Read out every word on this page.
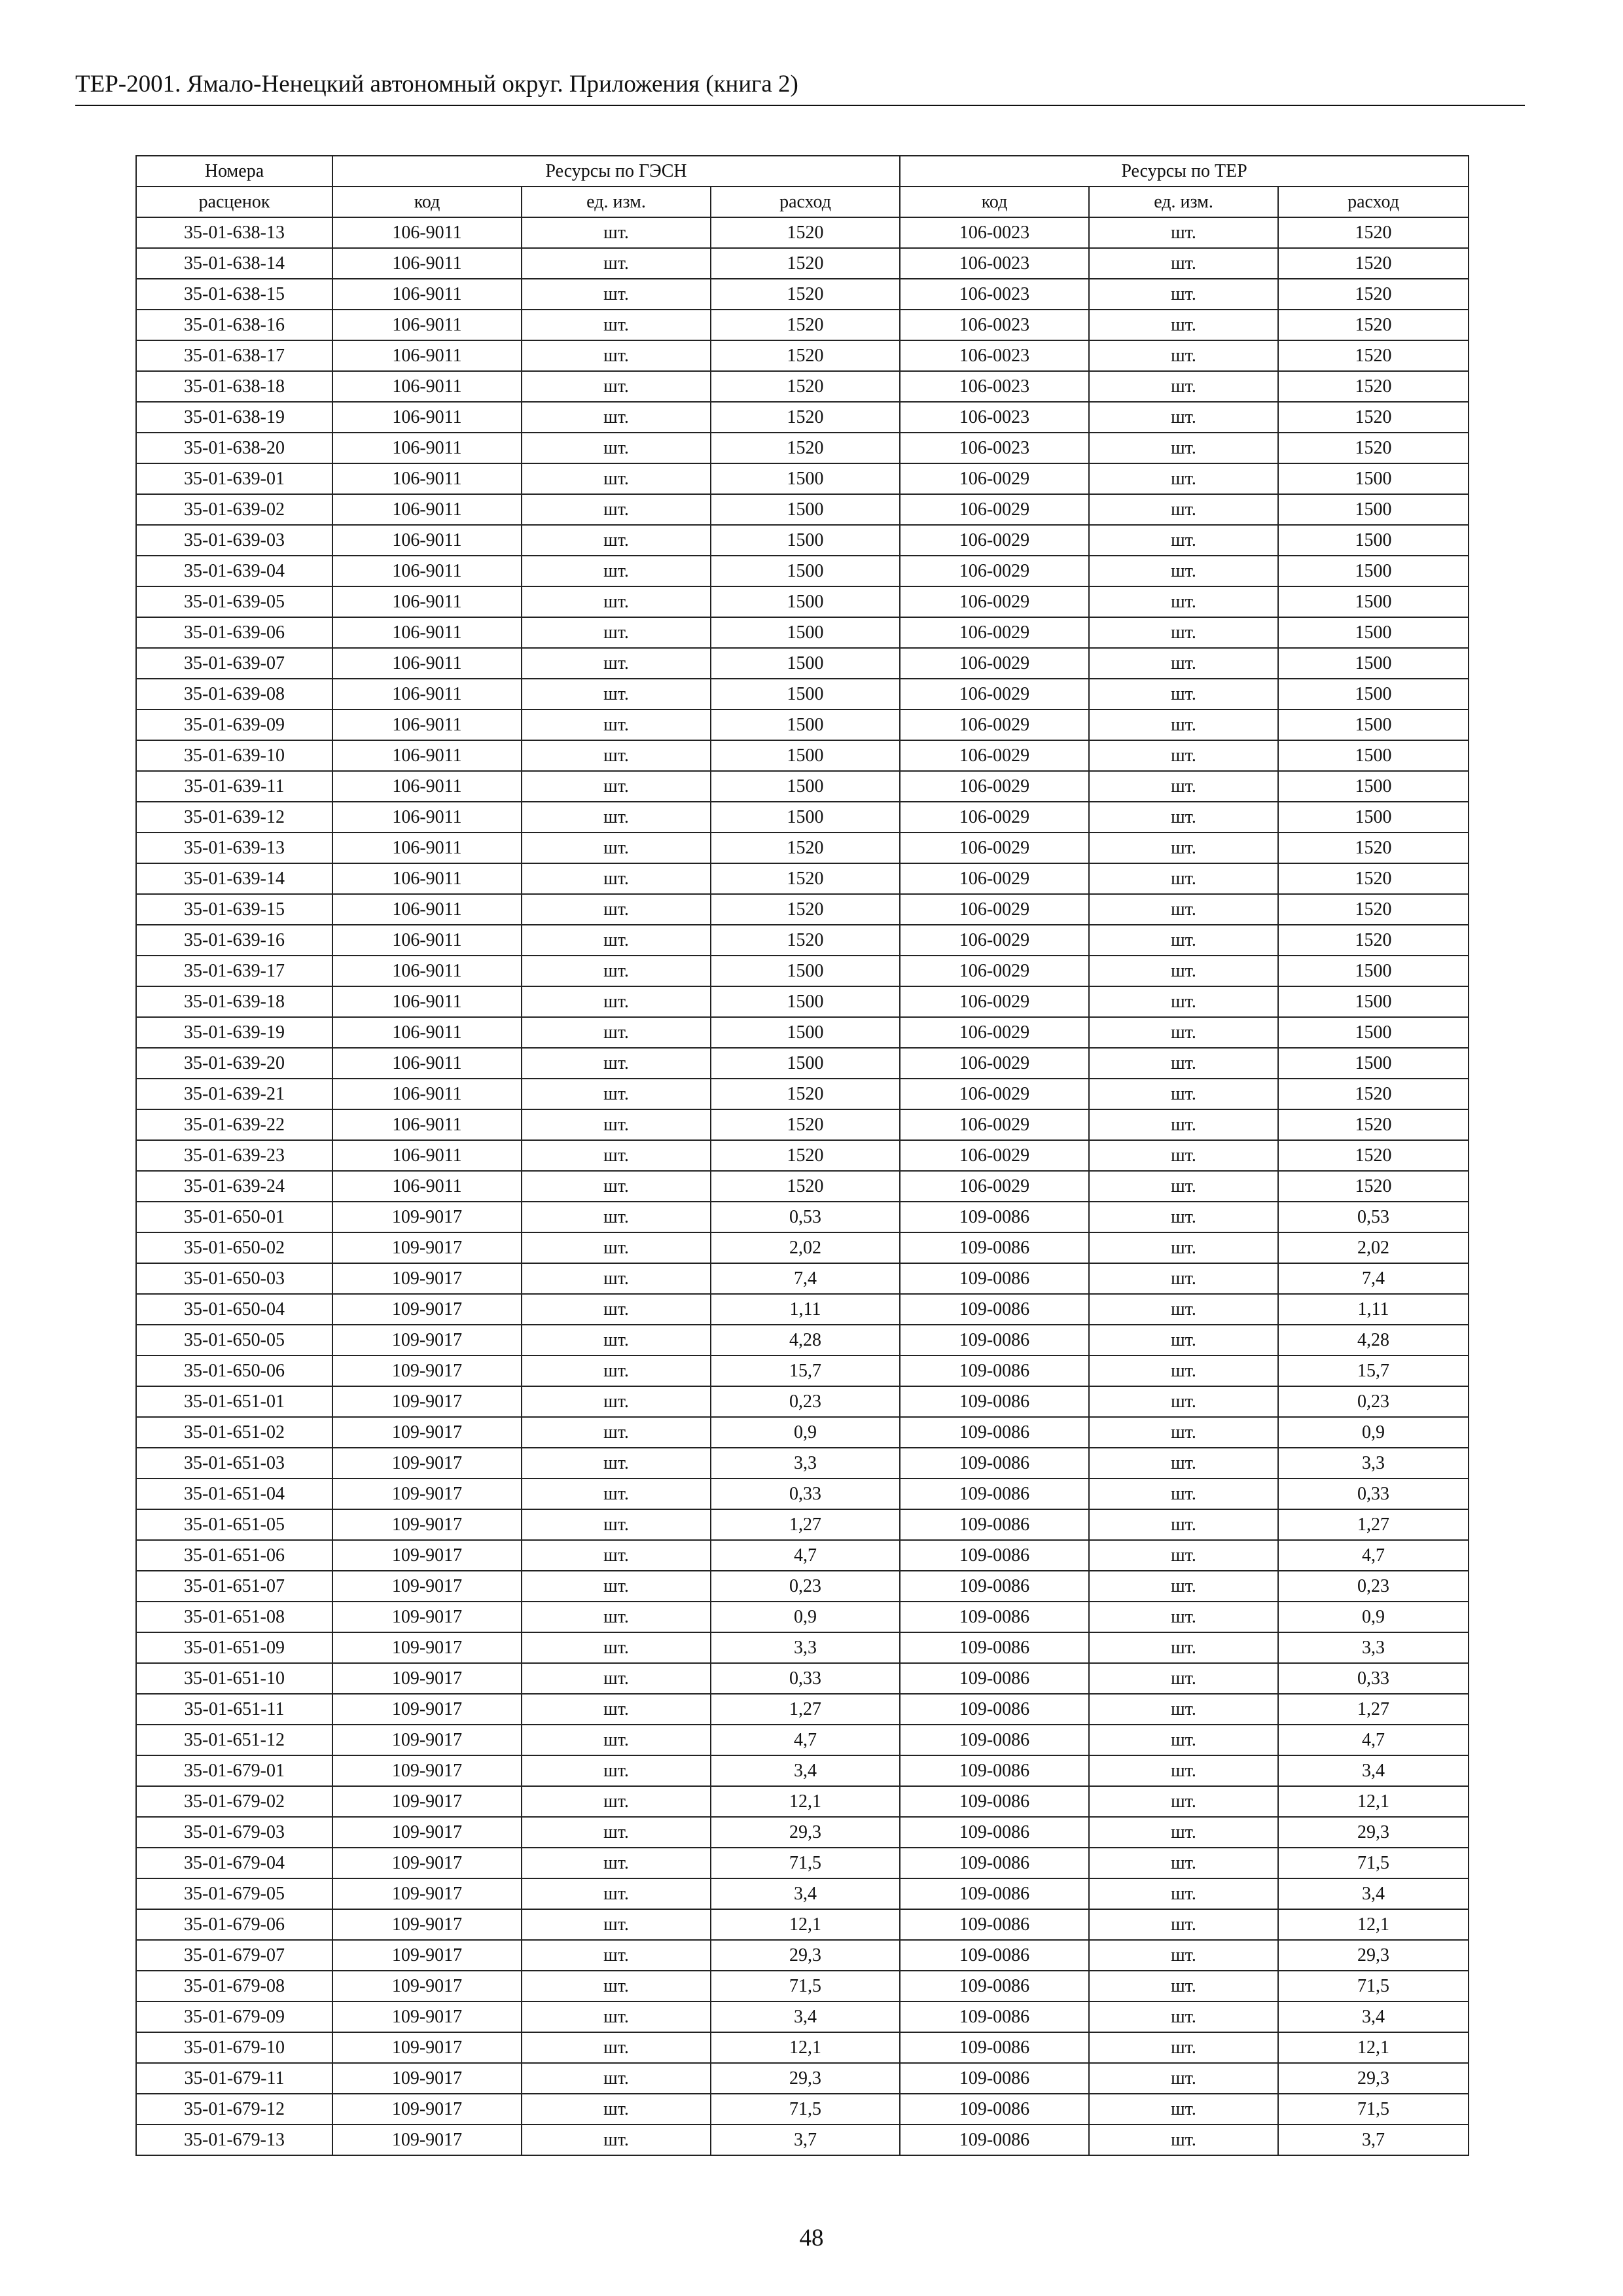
ТЕР-2001. Ямало-Ненецкий автономный округ. Приложения (книга 2)
Номера	Ресурсы по ГЭСН			Ресурсы по ТЕР		
расценок	код	ед. изм.	расход	код	ед. изм.	расход
35-01-638-13	106-9011	шт.	1520	106-0023	шт.	1520
35-01-638-14	106-9011	шт.	1520	106-0023	шт.	1520
35-01-638-15	106-9011	шт.	1520	106-0023	шт.	1520
35-01-638-16	106-9011	шт.	1520	106-0023	шт.	1520
35-01-638-17	106-9011	шт.	1520	106-0023	шт.	1520
35-01-638-18	106-9011	шт.	1520	106-0023	шт.	1520
35-01-638-19	106-9011	шт.	1520	106-0023	шт.	1520
35-01-638-20	106-9011	шт.	1520	106-0023	шт.	1520
35-01-639-01	106-9011	шт.	1500	106-0029	шт.	1500
35-01-639-02	106-9011	шт.	1500	106-0029	шт.	1500
35-01-639-03	106-9011	шт.	1500	106-0029	шт.	1500
35-01-639-04	106-9011	шт.	1500	106-0029	шт.	1500
35-01-639-05	106-9011	шт.	1500	106-0029	шт.	1500
35-01-639-06	106-9011	шт.	1500	106-0029	шт.	1500
35-01-639-07	106-9011	шт.	1500	106-0029	шт.	1500
35-01-639-08	106-9011	шт.	1500	106-0029	шт.	1500
35-01-639-09	106-9011	шт.	1500	106-0029	шт.	1500
35-01-639-10	106-9011	шт.	1500	106-0029	шт.	1500
35-01-639-11	106-9011	шт.	1500	106-0029	шт.	1500
35-01-639-12	106-9011	шт.	1500	106-0029	шт.	1500
35-01-639-13	106-9011	шт.	1520	106-0029	шт.	1520
35-01-639-14	106-9011	шт.	1520	106-0029	шт.	1520
35-01-639-15	106-9011	шт.	1520	106-0029	шт.	1520
35-01-639-16	106-9011	шт.	1520	106-0029	шт.	1520
35-01-639-17	106-9011	шт.	1500	106-0029	шт.	1500
35-01-639-18	106-9011	шт.	1500	106-0029	шт.	1500
35-01-639-19	106-9011	шт.	1500	106-0029	шт.	1500
35-01-639-20	106-9011	шт.	1500	106-0029	шт.	1500
35-01-639-21	106-9011	шт.	1520	106-0029	шт.	1520
35-01-639-22	106-9011	шт.	1520	106-0029	шт.	1520
35-01-639-23	106-9011	шт.	1520	106-0029	шт.	1520
35-01-639-24	106-9011	шт.	1520	106-0029	шт.	1520
35-01-650-01	109-9017	шт.	0,53	109-0086	шт.	0,53
35-01-650-02	109-9017	шт.	2,02	109-0086	шт.	2,02
35-01-650-03	109-9017	шт.	7,4	109-0086	шт.	7,4
35-01-650-04	109-9017	шт.	1,11	109-0086	шт.	1,11
35-01-650-05	109-9017	шт.	4,28	109-0086	шт.	4,28
35-01-650-06	109-9017	шт.	15,7	109-0086	шт.	15,7
35-01-651-01	109-9017	шт.	0,23	109-0086	шт.	0,23
35-01-651-02	109-9017	шт.	0,9	109-0086	шт.	0,9
35-01-651-03	109-9017	шт.	3,3	109-0086	шт.	3,3
35-01-651-04	109-9017	шт.	0,33	109-0086	шт.	0,33
35-01-651-05	109-9017	шт.	1,27	109-0086	шт.	1,27
35-01-651-06	109-9017	шт.	4,7	109-0086	шт.	4,7
35-01-651-07	109-9017	шт.	0,23	109-0086	шт.	0,23
35-01-651-08	109-9017	шт.	0,9	109-0086	шт.	0,9
35-01-651-09	109-9017	шт.	3,3	109-0086	шт.	3,3
35-01-651-10	109-9017	шт.	0,33	109-0086	шт.	0,33
35-01-651-11	109-9017	шт.	1,27	109-0086	шт.	1,27
35-01-651-12	109-9017	шт.	4,7	109-0086	шт.	4,7
35-01-679-01	109-9017	шт.	3,4	109-0086	шт.	3,4
35-01-679-02	109-9017	шт.	12,1	109-0086	шт.	12,1
35-01-679-03	109-9017	шт.	29,3	109-0086	шт.	29,3
35-01-679-04	109-9017	шт.	71,5	109-0086	шт.	71,5
35-01-679-05	109-9017	шт.	3,4	109-0086	шт.	3,4
35-01-679-06	109-9017	шт.	12,1	109-0086	шт.	12,1
35-01-679-07	109-9017	шт.	29,3	109-0086	шт.	29,3
35-01-679-08	109-9017	шт.	71,5	109-0086	шт.	71,5
35-01-679-09	109-9017	шт.	3,4	109-0086	шт.	3,4
35-01-679-10	109-9017	шт.	12,1	109-0086	шт.	12,1
35-01-679-11	109-9017	шт.	29,3	109-0086	шт.	29,3
35-01-679-12	109-9017	шт.	71,5	109-0086	шт.	71,5
35-01-679-13	109-9017	шт.	3,7	109-0086	шт.	3,7
48
